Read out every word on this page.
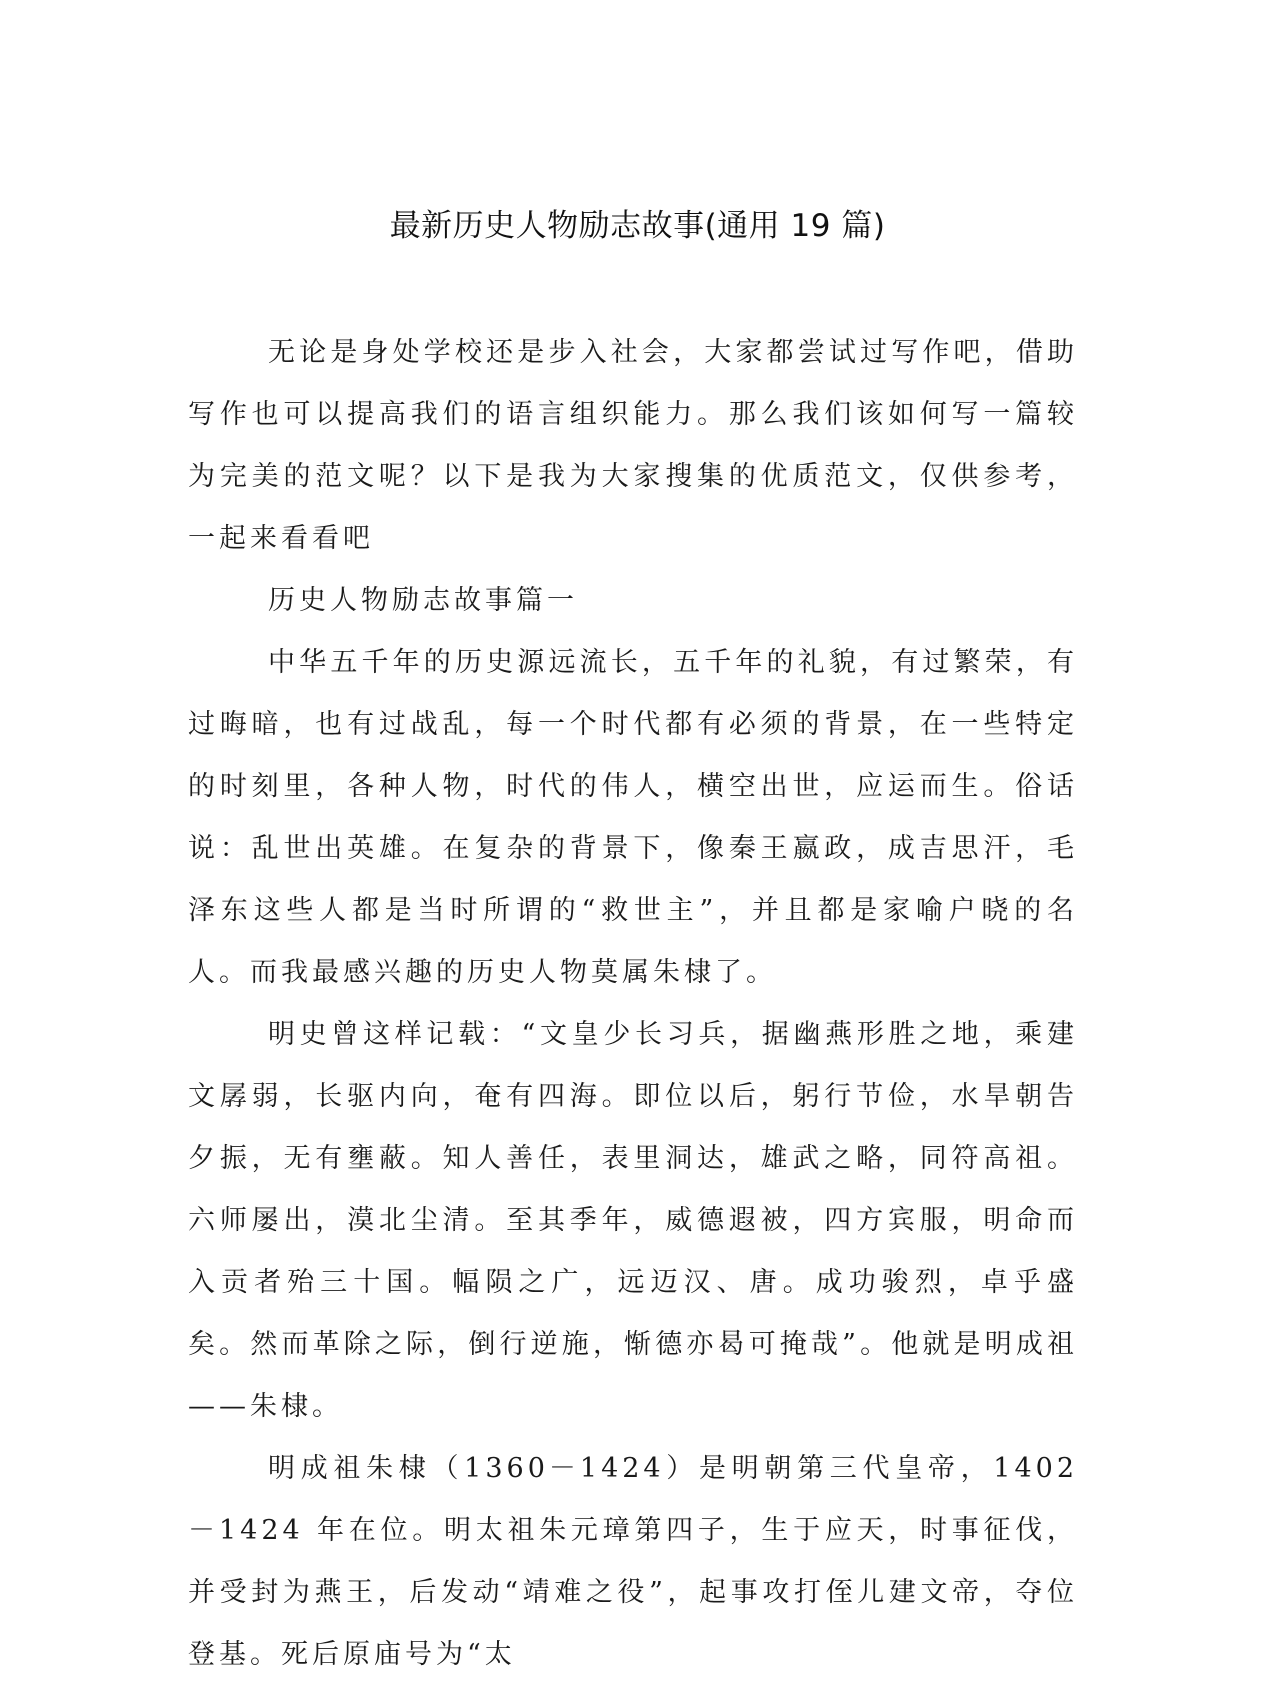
最新历史人物励志故事(通用 19 篇)

无论是身处学校还是步入社会，大家都尝试过写作吧，借助写作也可以提高我们的语言组织能力。那么我们该如何写一篇较为完美的范文呢？以下是我为大家搜集的优质范文，仅供参考，一起来看看吧

历史人物励志故事篇一

中华五千年的历史源远流长，五千年的礼貌，有过繁荣，有过晦暗，也有过战乱，每一个时代都有必须的背景，在一些特定的时刻里，各种人物，时代的伟人，横空出世，应运而生。俗话说：乱世出英雄。在复杂的背景下，像秦王嬴政，成吉思汗，毛泽东这些人都是当时所谓的“救世主”，并且都是家喻户晓的名人。而我最感兴趣的历史人物莫属朱棣了。

明史曾这样记载：“文皇少长习兵，据幽燕形胜之地，乘建文孱弱，长驱内向，奄有四海。即位以后，躬行节俭，水旱朝告夕振，无有壅蔽。知人善任，表里洞达，雄武之略，同符高祖。六师屡出，漠北尘清。至其季年，威德遐被，四方宾服，明命而入贡者殆三十国。幅陨之广，远迈汉、唐。成功骏烈，卓乎盛矣。然而革除之际，倒行逆施，惭德亦曷可掩哉”。他就是明成祖——朱棣。

明成祖朱棣（1360－1424）是明朝第三代皇帝，1402－1424 年在位。明太祖朱元璋第四子，生于应天，时事征伐，并受封为燕王，后发动“靖难之役”，起事攻打侄儿建文帝，夺位登基。死后原庙号为“太
